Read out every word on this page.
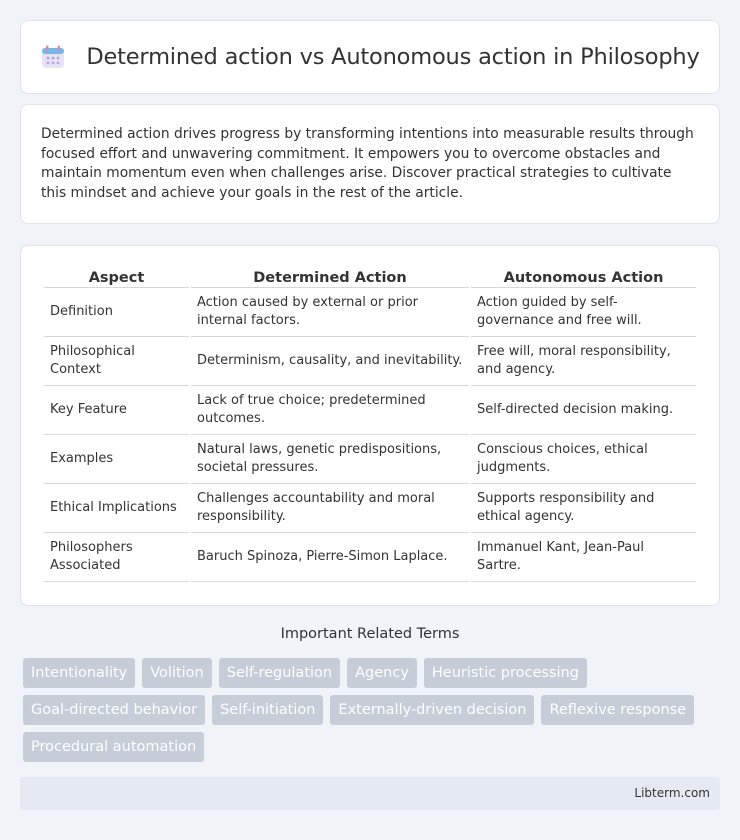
Determined action vs Autonomous action in Philosophy

Determined action drives progress by transforming intentions into measurable results through focused effort and unwavering commitment. It empowers you to overcome obstacles and maintain momentum even when challenges arise. Discover practical strategies to cultivate this mindset and achieve your goals in the rest of the article.

Aspect	Determined Action	Autonomous Action
Definition	Action caused by external or prior internal factors.	Action guided by self-governance and free will.
Philosophical Context	Determinism, causality, and inevitability.	Free will, moral responsibility, and agency.
Key Feature	Lack of true choice; predetermined outcomes.	Self-directed decision making.
Examples	Natural laws, genetic predispositions, societal pressures.	Conscious choices, ethical judgments.
Ethical Implications	Challenges accountability and moral responsibility.	Supports responsibility and ethical agency.
Philosophers Associated	Baruch Spinoza, Pierre-Simon Laplace.	Immanuel Kant, Jean-Paul Sartre.
Important Related Terms
Intentionality	Volition	Self-regulation	Agency	Heuristic processing
Goal-directed behavior	Self-initiation	Externally-driven decision	Reflexive response
Procedural automation
Libterm.com
